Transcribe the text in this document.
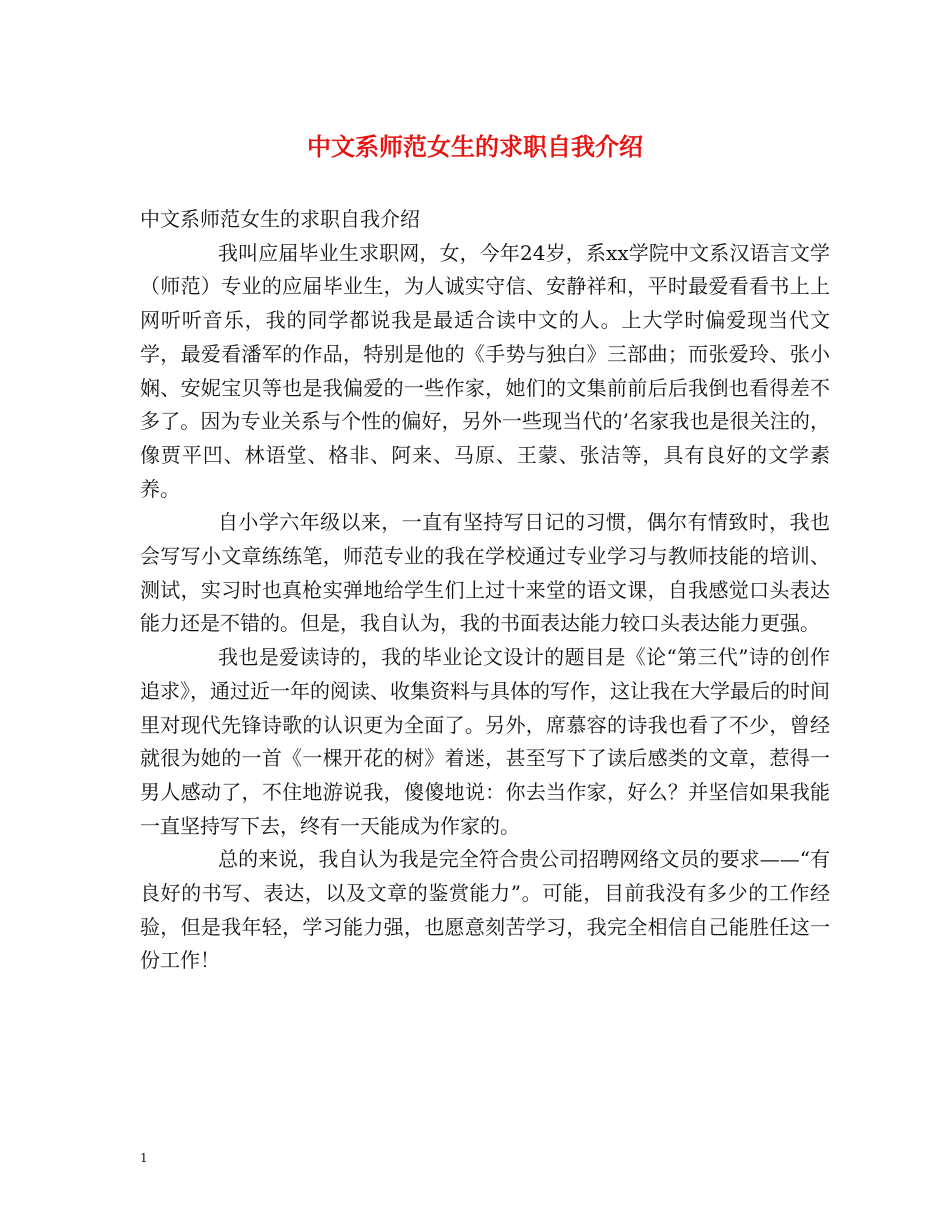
中文系师范女生的求职自我介绍

中文系师范女生的求职自我介绍

我叫应届毕业生求职网，女，今年24岁，系xx学院中文系汉语言文学（师范）专业的应届毕业生，为人诚实守信、安静祥和，平时最爱看看书上上网听听音乐，我的同学都说我是最适合读中文的人。上大学时偏爱现当代文学，最爱看潘军的作品，特别是他的《手势与独白》三部曲；而张爱玲、张小娴、安妮宝贝等也是我偏爱的一些作家，她们的文集前前后后我倒也看得差不多了。因为专业关系与个性的偏好，另外一些现当代的’名家我也是很关注的，像贾平凹、林语堂、格非、阿来、马原、王蒙、张洁等，具有良好的文学素养。

自小学六年级以来，一直有坚持写日记的习惯，偶尔有情致时，我也会写写小文章练练笔，师范专业的我在学校通过专业学习与教师技能的培训、测试，实习时也真枪实弹地给学生们上过十来堂的语文课，自我感觉口头表达能力还是不错的。但是，我自认为，我的书面表达能力较口头表达能力更强。

我也是爱读诗的，我的毕业论文设计的题目是《论“第三代”诗的创作追求》，通过近一年的阅读、收集资料与具体的写作，这让我在大学最后的时间里对现代先锋诗歌的认识更为全面了。另外，席慕容的诗我也看了不少，曾经就很为她的一首《一棵开花的树》着迷，甚至写下了读后感类的文章，惹得一男人感动了，不住地游说我，傻傻地说：你去当作家，好么？并坚信如果我能一直坚持写下去，终有一天能成为作家的。

总的来说，我自认为我是完全符合贵公司招聘网络文员的要求——“有良好的书写、表达，以及文章的鉴赏能力”。可能，目前我没有多少的工作经验，但是我年轻，学习能力强，也愿意刻苦学习，我完全相信自己能胜任这一份工作！

1
